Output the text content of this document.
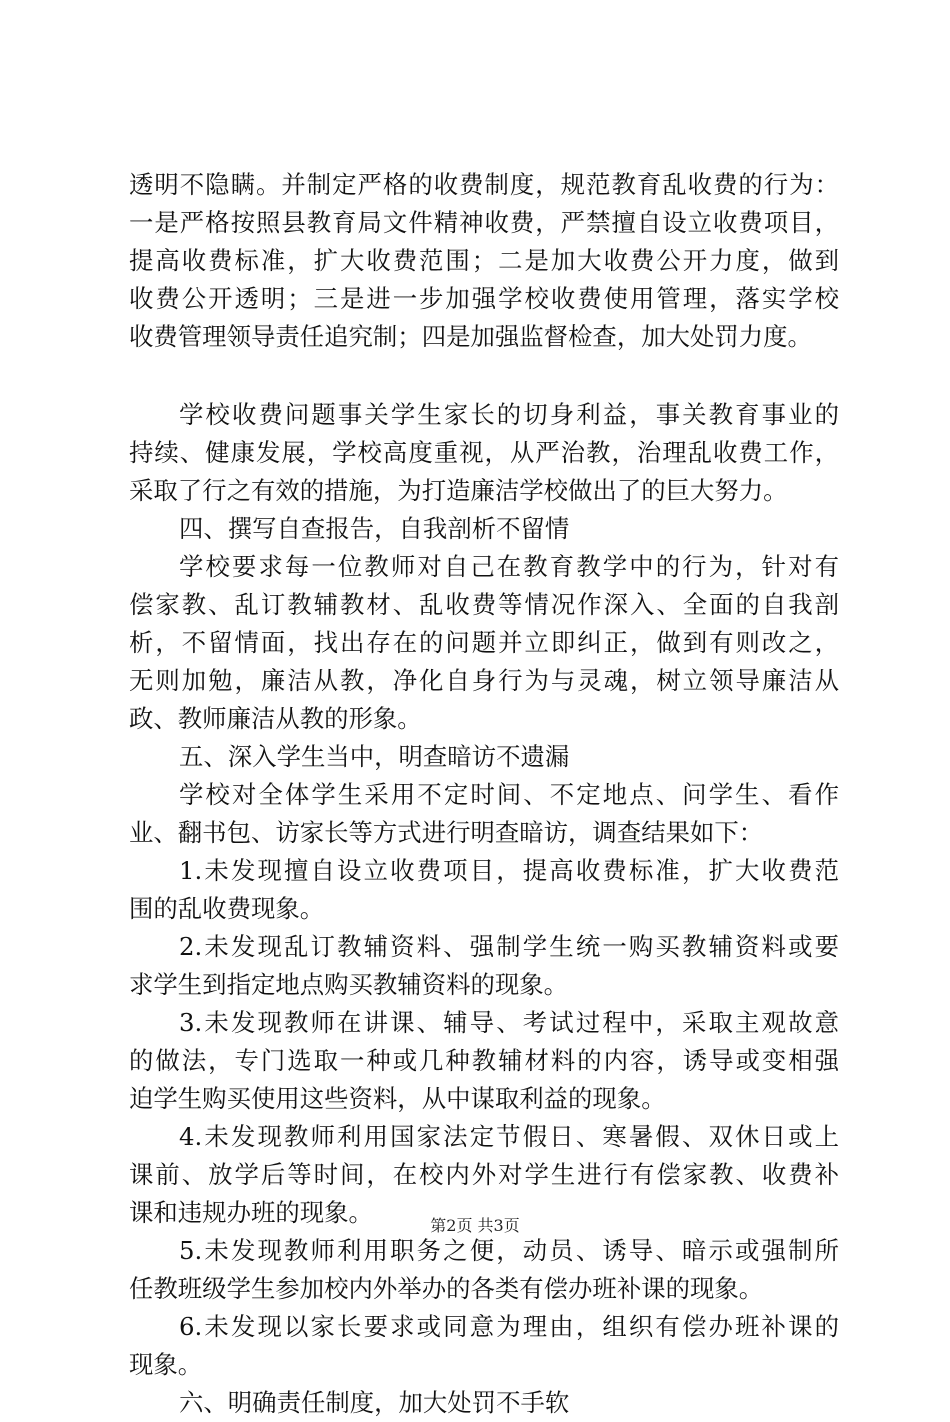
透明不隐瞒。并制定严格的收费制度，规范教育乱收费的行为：
一是严格按照县教育局文件精神收费，严禁擅自设立收费项目，
提高收费标准，扩大收费范围；二是加大收费公开力度，做到
收费公开透明；三是进一步加强学校收费使用管理，落实学校
收费管理领导责任追究制；四是加强监督检查，加大处罚力度。
学校收费问题事关学生家长的切身利益，事关教育事业的
持续、健康发展，学校高度重视，从严治教，治理乱收费工作，
采取了行之有效的措施，为打造廉洁学校做出了的巨大努力。
四、撰写自查报告，自我剖析不留情
学校要求每一位教师对自己在教育教学中的行为，针对有
偿家教、乱订教辅教材、乱收费等情况作深入、全面的自我剖
析，不留情面，找出存在的问题并立即纠正，做到有则改之，
无则加勉，廉洁从教，净化自身行为与灵魂，树立领导廉洁从
政、教师廉洁从教的形象。
五、深入学生当中，明查暗访不遗漏
学校对全体学生采用不定时间、不定地点、问学生、看作
业、翻书包、访家长等方式进行明查暗访，调查结果如下：
1.未发现擅自设立收费项目，提高收费标准，扩大收费范
围的乱收费现象。
2.未发现乱订教辅资料、强制学生统一购买教辅资料或要
求学生到指定地点购买教辅资料的现象。
3.未发现教师在讲课、辅导、考试过程中，采取主观故意
的做法，专门选取一种或几种教辅材料的内容，诱导或变相强
迫学生购买使用这些资料，从中谋取利益的现象。
4.未发现教师利用国家法定节假日、寒暑假、双休日或上
课前、放学后等时间，在校内外对学生进行有偿家教、收费补
课和违规办班的现象。
5.未发现教师利用职务之便，动员、诱导、暗示或强制所
任教班级学生参加校内外举办的各类有偿办班补课的现象。
6.未发现以家长要求或同意为理由，组织有偿办班补课的
现象。
六、明确责任制度，加大处罚不手软
第2页 共3页
